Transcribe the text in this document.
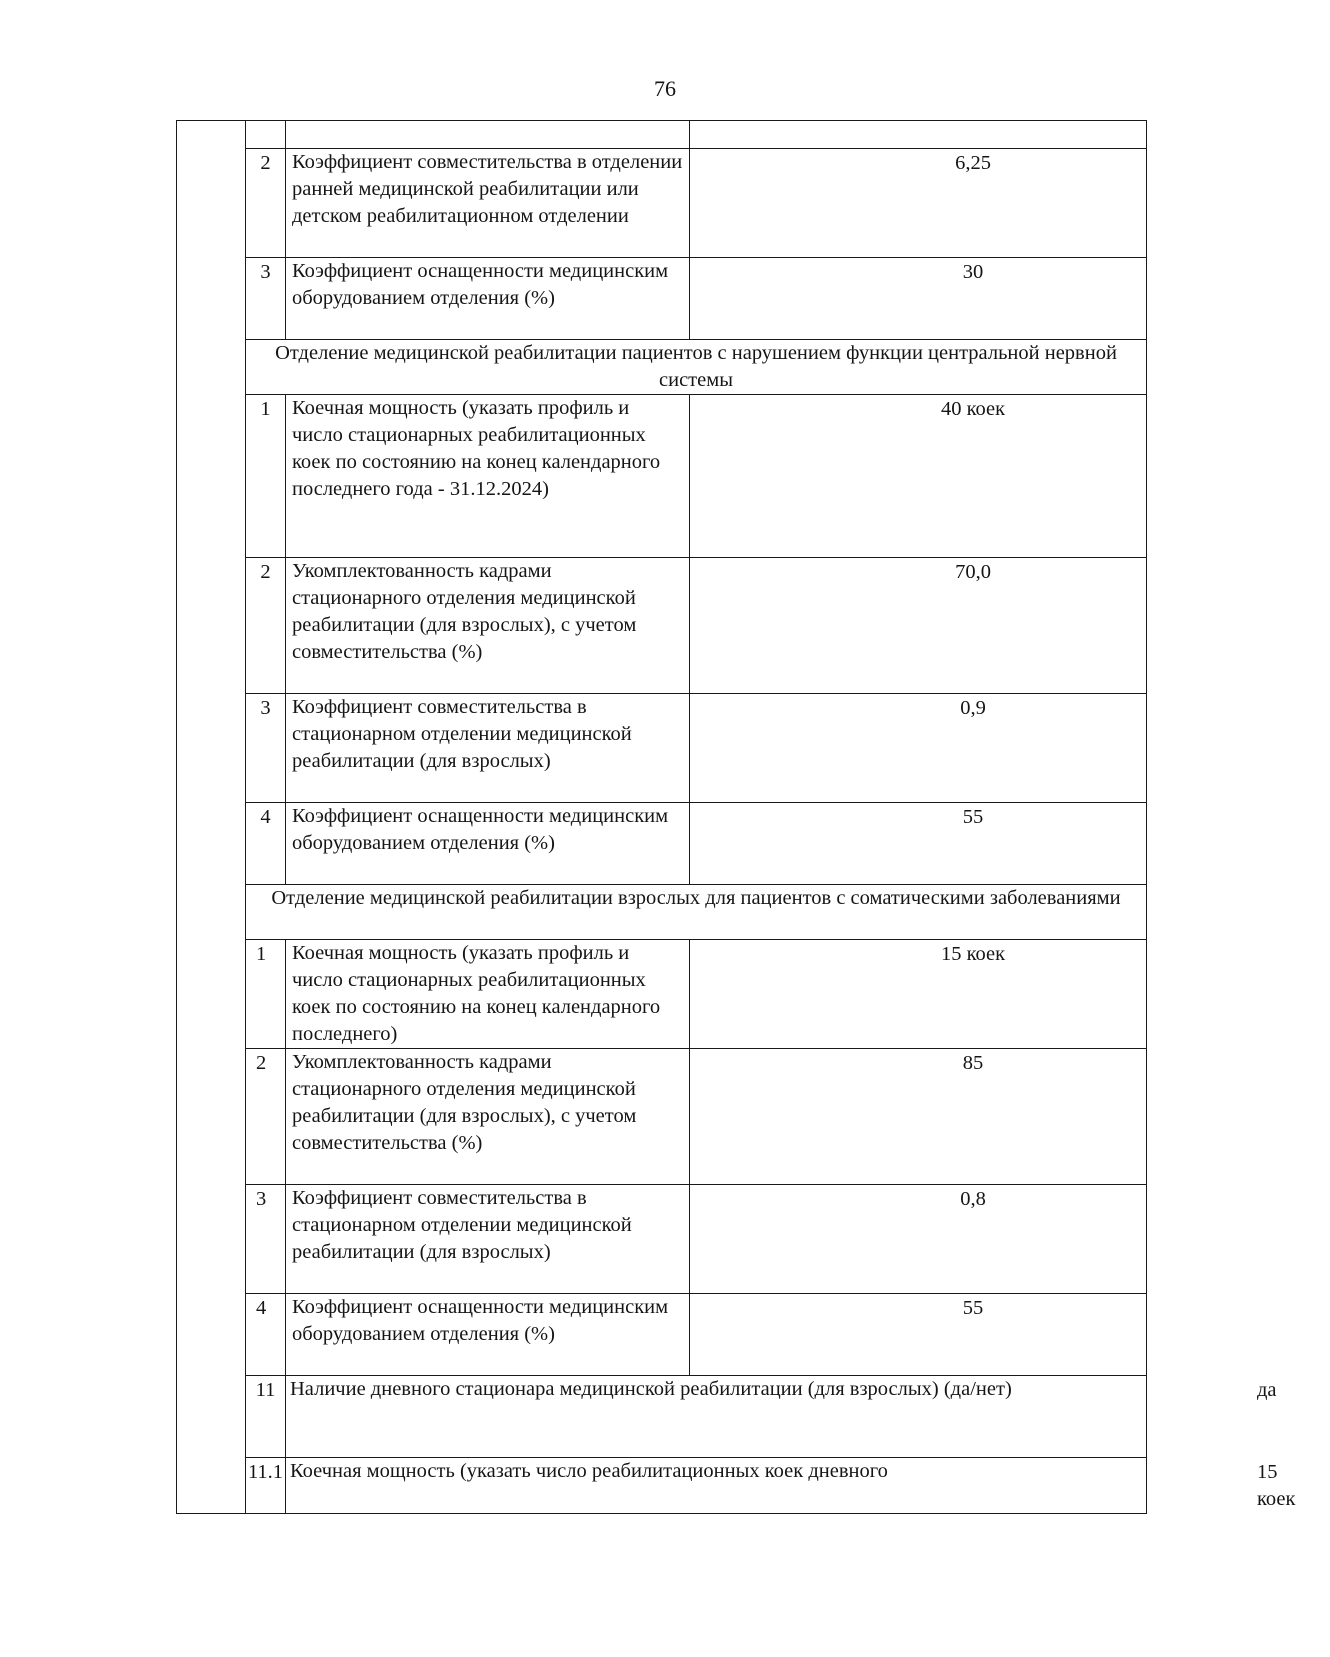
76

	2	Коэффициент совместительства в отделении ранней медицинской реабилитации или детском реабилитационном отделении	6,25	
	3	Коэффициент оснащенности медицинским оборудованием отделения (%)	30	
	Отделение медицинской реабилитации пациентов с нарушением функции центральной нервной системы			
	1	Коечная мощность (указать профиль и число стационарных реабилитационных коек по состоянию на конец календарного последнего года - 31.12.2024)	40 коек	
	2	Укомплектованность кадрами стационарного отделения медицинской реабилитации (для взрослых), с учетом совместительства (%)	70,0	
	3	Коэффициент совместительства в стационарном отделении медицинской реабилитации (для взрослых)	0,9	
	4	Коэффициент оснащенности медицинским оборудованием отделения (%)	55	
	Отделение медицинской реабилитации взрослых для пациентов с соматическими заболеваниями			
	1	Коечная мощность (указать профиль и число стационарных реабилитационных коек по состоянию на конец календарного последнего)	15 коек	
	2	Укомплектованность кадрами стационарного отделения медицинской реабилитации (для взрослых), с учетом совместительства (%)	85	
	3	Коэффициент совместительства в стационарном отделении медицинской реабилитации (для взрослых)	0,8	
	4	Коэффициент оснащенности медицинским оборудованием отделения (%)	55	
	11	Наличие дневного стационара медицинской реабилитации (для взрослых) (да/нет)		да
	11.1	Коечная мощность (указать число реабилитационных коек дневного		15 коек
